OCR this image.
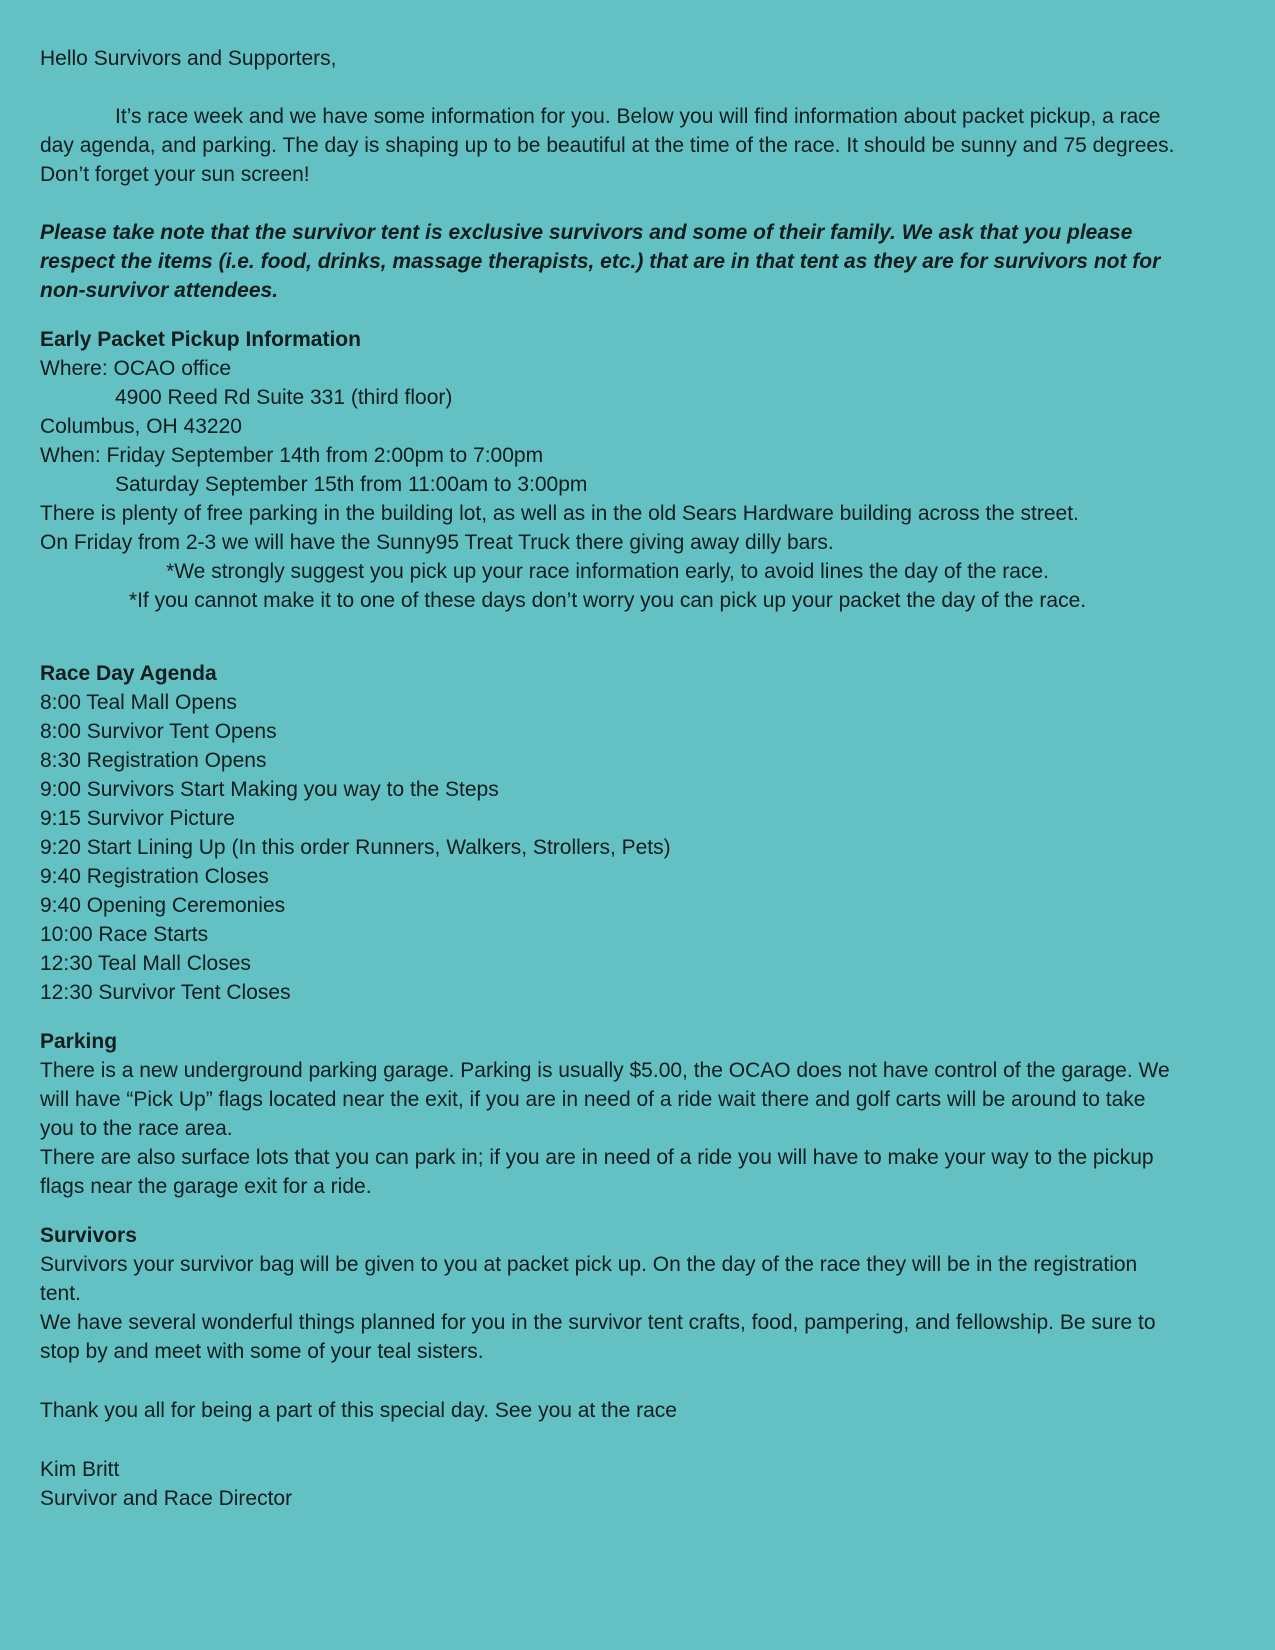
Hello Survivors and Supporters,

It’s race week and we have some information for you. Below you will find information about packet pickup, a race day agenda, and parking. The day is shaping up to be beautiful at the time of the race. It should be sunny and 75 degrees. Don’t forget your sun screen!

Please take note that the survivor tent is exclusive survivors and some of their family. We ask that you please respect the items (i.e. food, drinks, massage therapists, etc.) that are in that tent as they are for survivors not for non-survivor attendees.

Early Packet Pickup Information

Where: OCAO office

4900 Reed Rd Suite 331 (third floor)

Columbus, OH 43220

When: Friday September 14th from 2:00pm to 7:00pm

Saturday September 15th from 11:00am to 3:00pm

There is plenty of free parking in the building lot, as well as in the old Sears Hardware building across the street.

On Friday from 2-3 we will have the Sunny95 Treat Truck there giving away dilly bars.

*We strongly suggest you pick up your race information early, to avoid lines the day of the race.

*If you cannot make it to one of these days don’t worry you can pick up your packet the day of the race.

Race Day Agenda

8:00 Teal Mall Opens

8:00 Survivor Tent Opens

8:30 Registration Opens

9:00 Survivors Start Making you way to the Steps

9:15 Survivor Picture

9:20 Start Lining Up (In this order Runners, Walkers, Strollers, Pets)

9:40 Registration Closes

9:40 Opening Ceremonies

10:00 Race Starts

12:30 Teal Mall Closes

12:30 Survivor Tent Closes

Parking

There is a new underground parking garage. Parking is usually $5.00, the OCAO does not have control of the garage. We will have “Pick Up” flags located near the exit, if you are in need of a ride wait there and golf carts will be around to take you to the race area.

There are also surface lots that you can park in; if you are in need of a ride you will have to make your way to the pickup flags near the garage exit for a ride.

Survivors

Survivors your survivor bag will be given to you at packet pick up. On the day of the race they will be in the registration tent.

We have several wonderful things planned for you in the survivor tent crafts, food, pampering, and fellowship. Be sure to stop by and meet with some of your teal sisters.

Thank you all for being a part of this special day. See you at the race

Kim Britt

Survivor and Race Director
